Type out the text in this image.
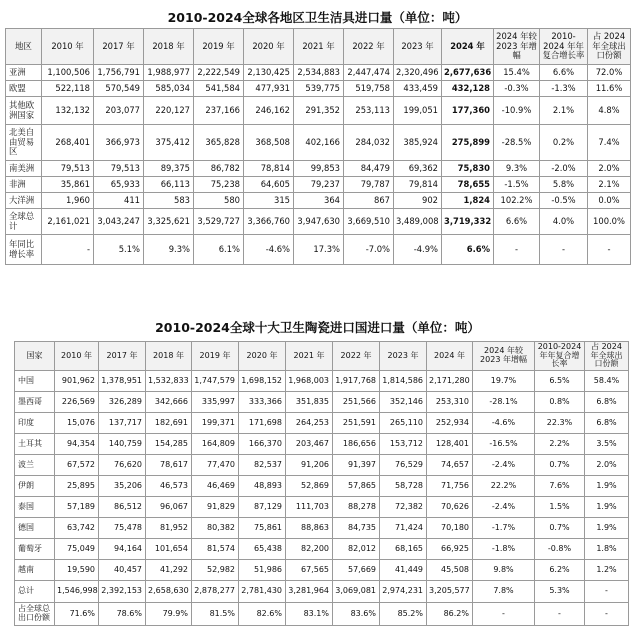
2010-2024全球各地区卫生洁具进口量（单位：吨）
地区	2010 年	2017 年	2018 年	2019 年	2020 年	2021 年	2022 年	2023 年	2024 年	2024 年较 2023 年增幅	2010-2024 年年复合增长率	占 2024 年全球出口份额
亚洲	1,100,506	1,756,791	1,988,977	2,222,549	2,130,425	2,534,883	2,447,474	2,320,496	2,677,636	15.4%	6.6%	72.0%
欧盟	522,118	570,549	585,034	541,584	477,931	539,775	519,758	433,459	432,128	-0.3%	-1.3%	11.6%
其他欧洲国家	132,132	203,077	220,127	237,166	246,162	291,352	253,113	199,051	177,360	-10.9%	2.1%	4.8%
北美自由贸易区	268,401	366,973	375,412	365,828	368,508	402,166	284,032	385,924	275,899	-28.5%	0.2%	7.4%
南美洲	79,513	79,513	89,375	86,782	78,814	99,853	84,479	69,362	75,830	9.3%	-2.0%	2.0%
非洲	35,861	65,933	66,113	75,238	64,605	79,237	79,787	79,814	78,655	-1.5%	5.8%	2.1%
大洋洲	1,960	411	583	580	315	364	867	902	1,824	102.2%	-0.5%	0.0%
全球总计	2,161,021	3,043,247	3,325,621	3,529,727	3,366,760	3,947,630	3,669,510	3,489,008	3,719,332	6.6%	4.0%	100.0%
年同比增长率	-	5.1%	9.3%	6.1%	-4.6%	17.3%	-7.0%	-4.9%	6.6%	-	-	-
2010-2024全球十大卫生陶瓷进口国进口量（单位：吨）
国家	2010 年	2017 年	2018 年	2019 年	2020 年	2021 年	2022 年	2023 年	2024 年	2024 年较 2023 年增幅	2010-2024 年年复合增长率	占 2024 年全球出口份额
中国	901,962	1,378,951	1,532,833	1,747,579	1,698,152	1,968,003	1,917,768	1,814,586	2,171,280	19.7%	6.5%	58.4%
墨西哥	226,569	326,289	342,666	335,997	333,366	351,835	251,566	352,146	253,310	-28.1%	0.8%	6.8%
印度	15,076	137,717	182,691	199,371	171,698	264,253	251,591	265,110	252,934	-4.6%	22.3%	6.8%
土耳其	94,354	140,759	154,285	164,809	166,370	203,467	186,656	153,712	128,401	-16.5%	2.2%	3.5%
波兰	67,572	76,620	78,617	77,470	82,537	91,206	91,397	76,529	74,657	-2.4%	0.7%	2.0%
伊朗	25,895	35,206	46,573	46,469	48,893	52,869	57,865	58,728	71,756	22.2%	7.6%	1.9%
泰国	57,189	86,512	96,067	91,829	87,129	111,703	88,278	72,382	70,626	-2.4%	1.5%	1.9%
德国	63,742	75,478	81,952	80,382	75,861	88,863	84,735	71,424	70,180	-1.7%	0.7%	1.9%
葡萄牙	75,049	94,164	101,654	81,574	65,438	82,200	82,012	68,165	66,925	-1.8%	-0.8%	1.8%
越南	19,590	40,457	41,292	52,982	51,986	67,565	57,669	41,449	45,508	9.8%	6.2%	1.2%
总计	1,546,998	2,392,153	2,658,630	2,878,277	2,781,430	3,281,964	3,069,081	2,974,231	3,205,577	7.8%	5.3%	-
占全球总出口份额	71.6%	78.6%	79.9%	81.5%	82.6%	83.1%	83.6%	85.2%	86.2%	-	-	-
